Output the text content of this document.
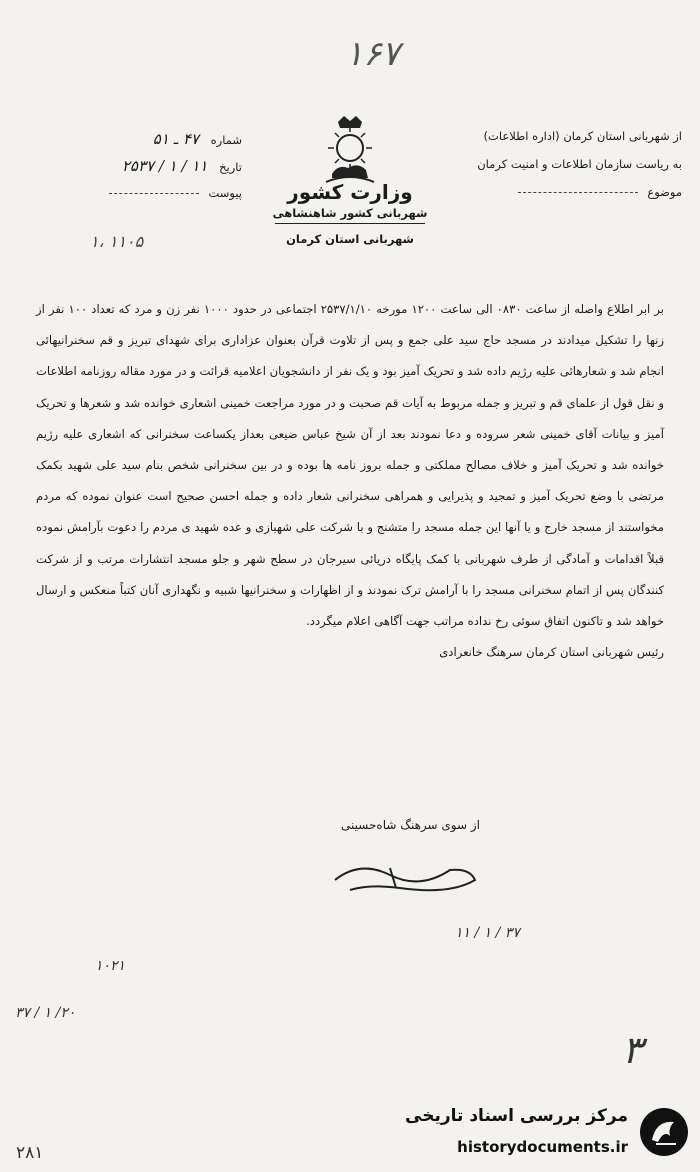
۱۶۷
از شهربانی استان کرمان (اداره اطلاعات)
به ریاست سازمان اطلاعات و امنیت کرمان
موضوع
وزارت کشور
شهربانی کشور شاهنشاهی
شهربانی استان کرمان
شماره ۴۷ ـ ۵۱
تاریخ ۱۱ / ۱ / ۲۵۳۷
پیوست
۱، ۱۱۰۵

بر ابر اطلاع واصله از ساعت ۰۸۳۰ الی ساعت ۱۲۰۰ مورخه ۲۵۳۷/۱/۱۰ اجتماعی در حدود ۱۰۰۰ نفر زن و مرد که تعداد ۱۰۰ نفر از زنها را تشکیل میدادند در مسجد حاج سید علی جمع و پس از تلاوت قرآن بعنوان عزاداری برای شهدای تبریز و قم سخنرانیهائی انجام شد و شعارهائی علیه رژیم داده شد و تحریک آمیز بود و یک نفر از دانشجویان اعلامیه قرائت و در مورد مقاله روزنامه اطلاعات و نقل قول از علمای قم و تبریز و جمله مربوط به آیات قم صحبت و در مورد مراجعت خمینی اشعاری خوانده شد و شعرها و تحریک آمیز و بیانات آقای خمینی شعر سروده و دعا نمودند بعد از آن شیخ عباس ضیعی بعداز یکساعت سخنرانی که اشعاری علیه رژیم خوانده شد و تحریک آمیز و خلاف مصالح مملکتی و جمله بروز نامه ها بوده و در بین سخنرانی شخص بنام سید علی شهید بکمک مرتضی با وضع تحریک آمیز و تمجید و پذیرایی و همراهی سخنرانی شعار داده و جمله احسن صحیح است عنوان نموده که مردم مخواستند از مسجد خارج و یا آنها این جمله مسجد را متشنج و با شرکت علی شهبازی و عده شهید ی مردم را دعوت بآرامش نموده قبلاً اقدامات و آمادگی از طرف شهربانی با کمک پایگاه دریائی سیرجان در سطح شهر و جلو مسجد انتشارات مرتب و از شرکت کنندگان پس از اتمام سخنرانی مسجد را با آرامش ترک نمودند و از اظهارات و سخنرانیها شبیه و نگهداری آنان کتباً منعکس و ارسال خواهد شد و تاکنون اتفاق سوئی رخ نداده مراتب جهت آگاهی اعلام میگردد.
رئیس شهربانی استان کرمان سرهنگ خانعرادی

از سوی سرهنگ شاه‌حسینی
۱۱ / ۱ / ۳۷
۱۰۲۱
۲۰/ ۱ / ۳۷
۳
۲۸۱
مرکز بررسی اسناد تاریخی
historydocuments.ir
